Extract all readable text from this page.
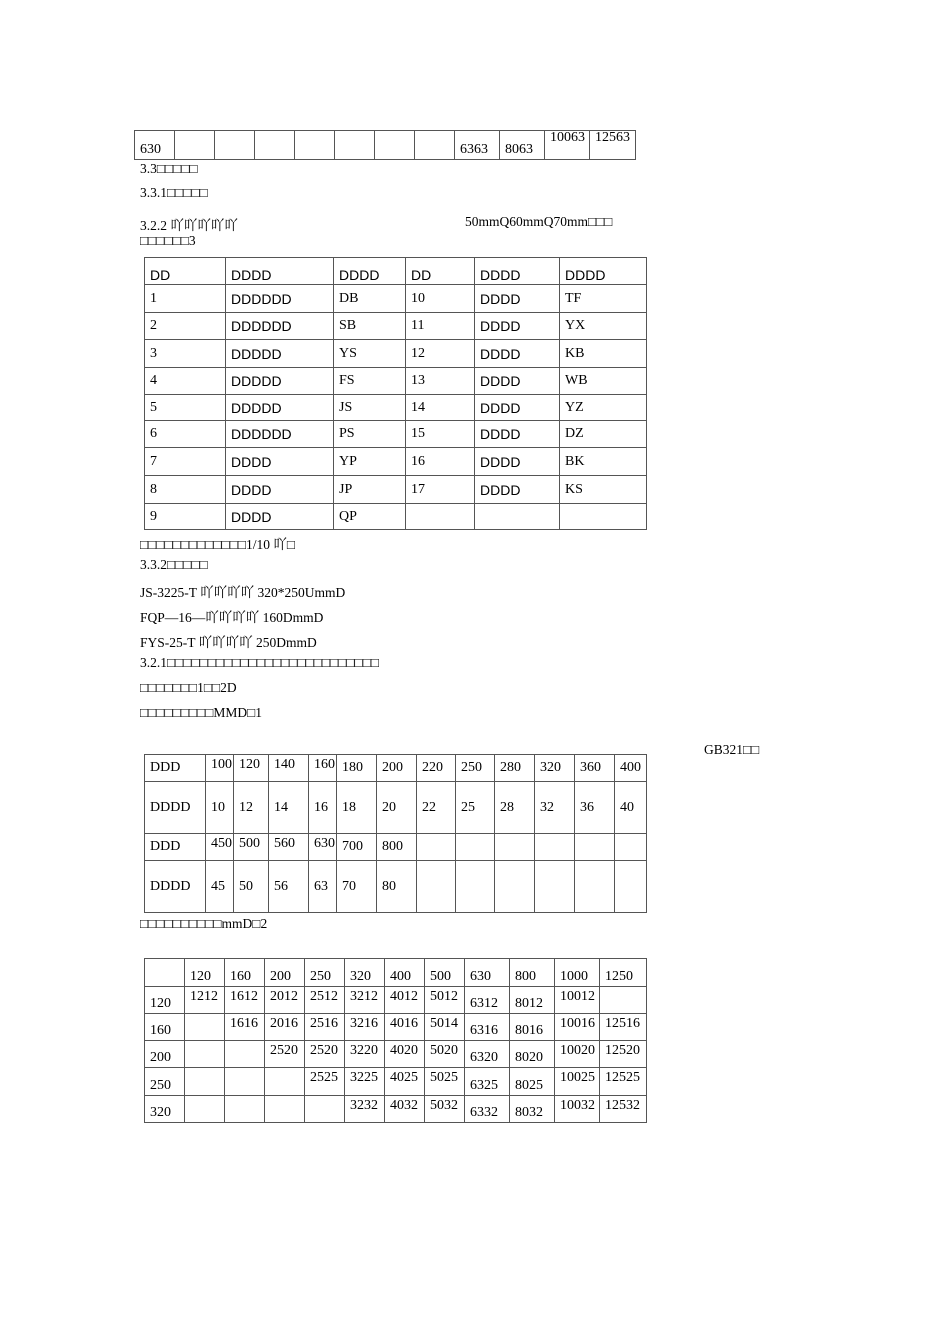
630								6363	8063	10063	12563
3.3□□□□□
3.3.1□□□□□
3.2.2 吖吖吖吖吖	50mmQ60mmQ70mm□□□
□□□□□□3
DD	DDDD	DDDD	DD	DDDD	DDDD
1	DDDDDD	DB	10	DDDD	TF
2	DDDDDD	SB	11	DDDD	YX
3	DDDDD	YS	12	DDDD	KB
4	DDDDD	FS	13	DDDD	WB
5	DDDDD	JS	14	DDDD	YZ
6	DDDDDD	PS	15	DDDD	DZ
7	DDDD	YP	16	DDDD	BK
8	DDDD	JP	17	DDDD	KS
9	DDDD	QP			
□□□□□□□□□□□□□1/10 吖□
3.3.2□□□□□
JS-3225-T 吖吖吖吖 320*250UmmD
FQP—16—吖吖吖吖 160DmmD
FYS-25-T 吖吖吖吖 250DmmD
3.2.1□□□□□□□□□□□□□□□□□□□□□□□□□□
□□□□□□□1□□2D
□□□□□□□□□MMD□1
GB321□□
DDD	100	120	140	160	180	200	220	250	280	320	360	400
DDDD	10	12	14	16	18	20	22	25	28	32	36	40
DDD	450	500	560	630	700	800						
DDDD	45	50	56	63	70	80						
□□□□□□□□□□mmD□2
	120	160	200	250	320	400	500	630	800	1000	1250
120	1212	1612	2012	2512	3212	4012	5012	6312	8012	10012	
160		1616	2016	2516	3216	4016	5014	6316	8016	10016	12516
200			2520	2520	3220	4020	5020	6320	8020	10020	12520
250				2525	3225	4025	5025	6325	8025	10025	12525
320					3232	4032	5032	6332	8032	10032	12532
